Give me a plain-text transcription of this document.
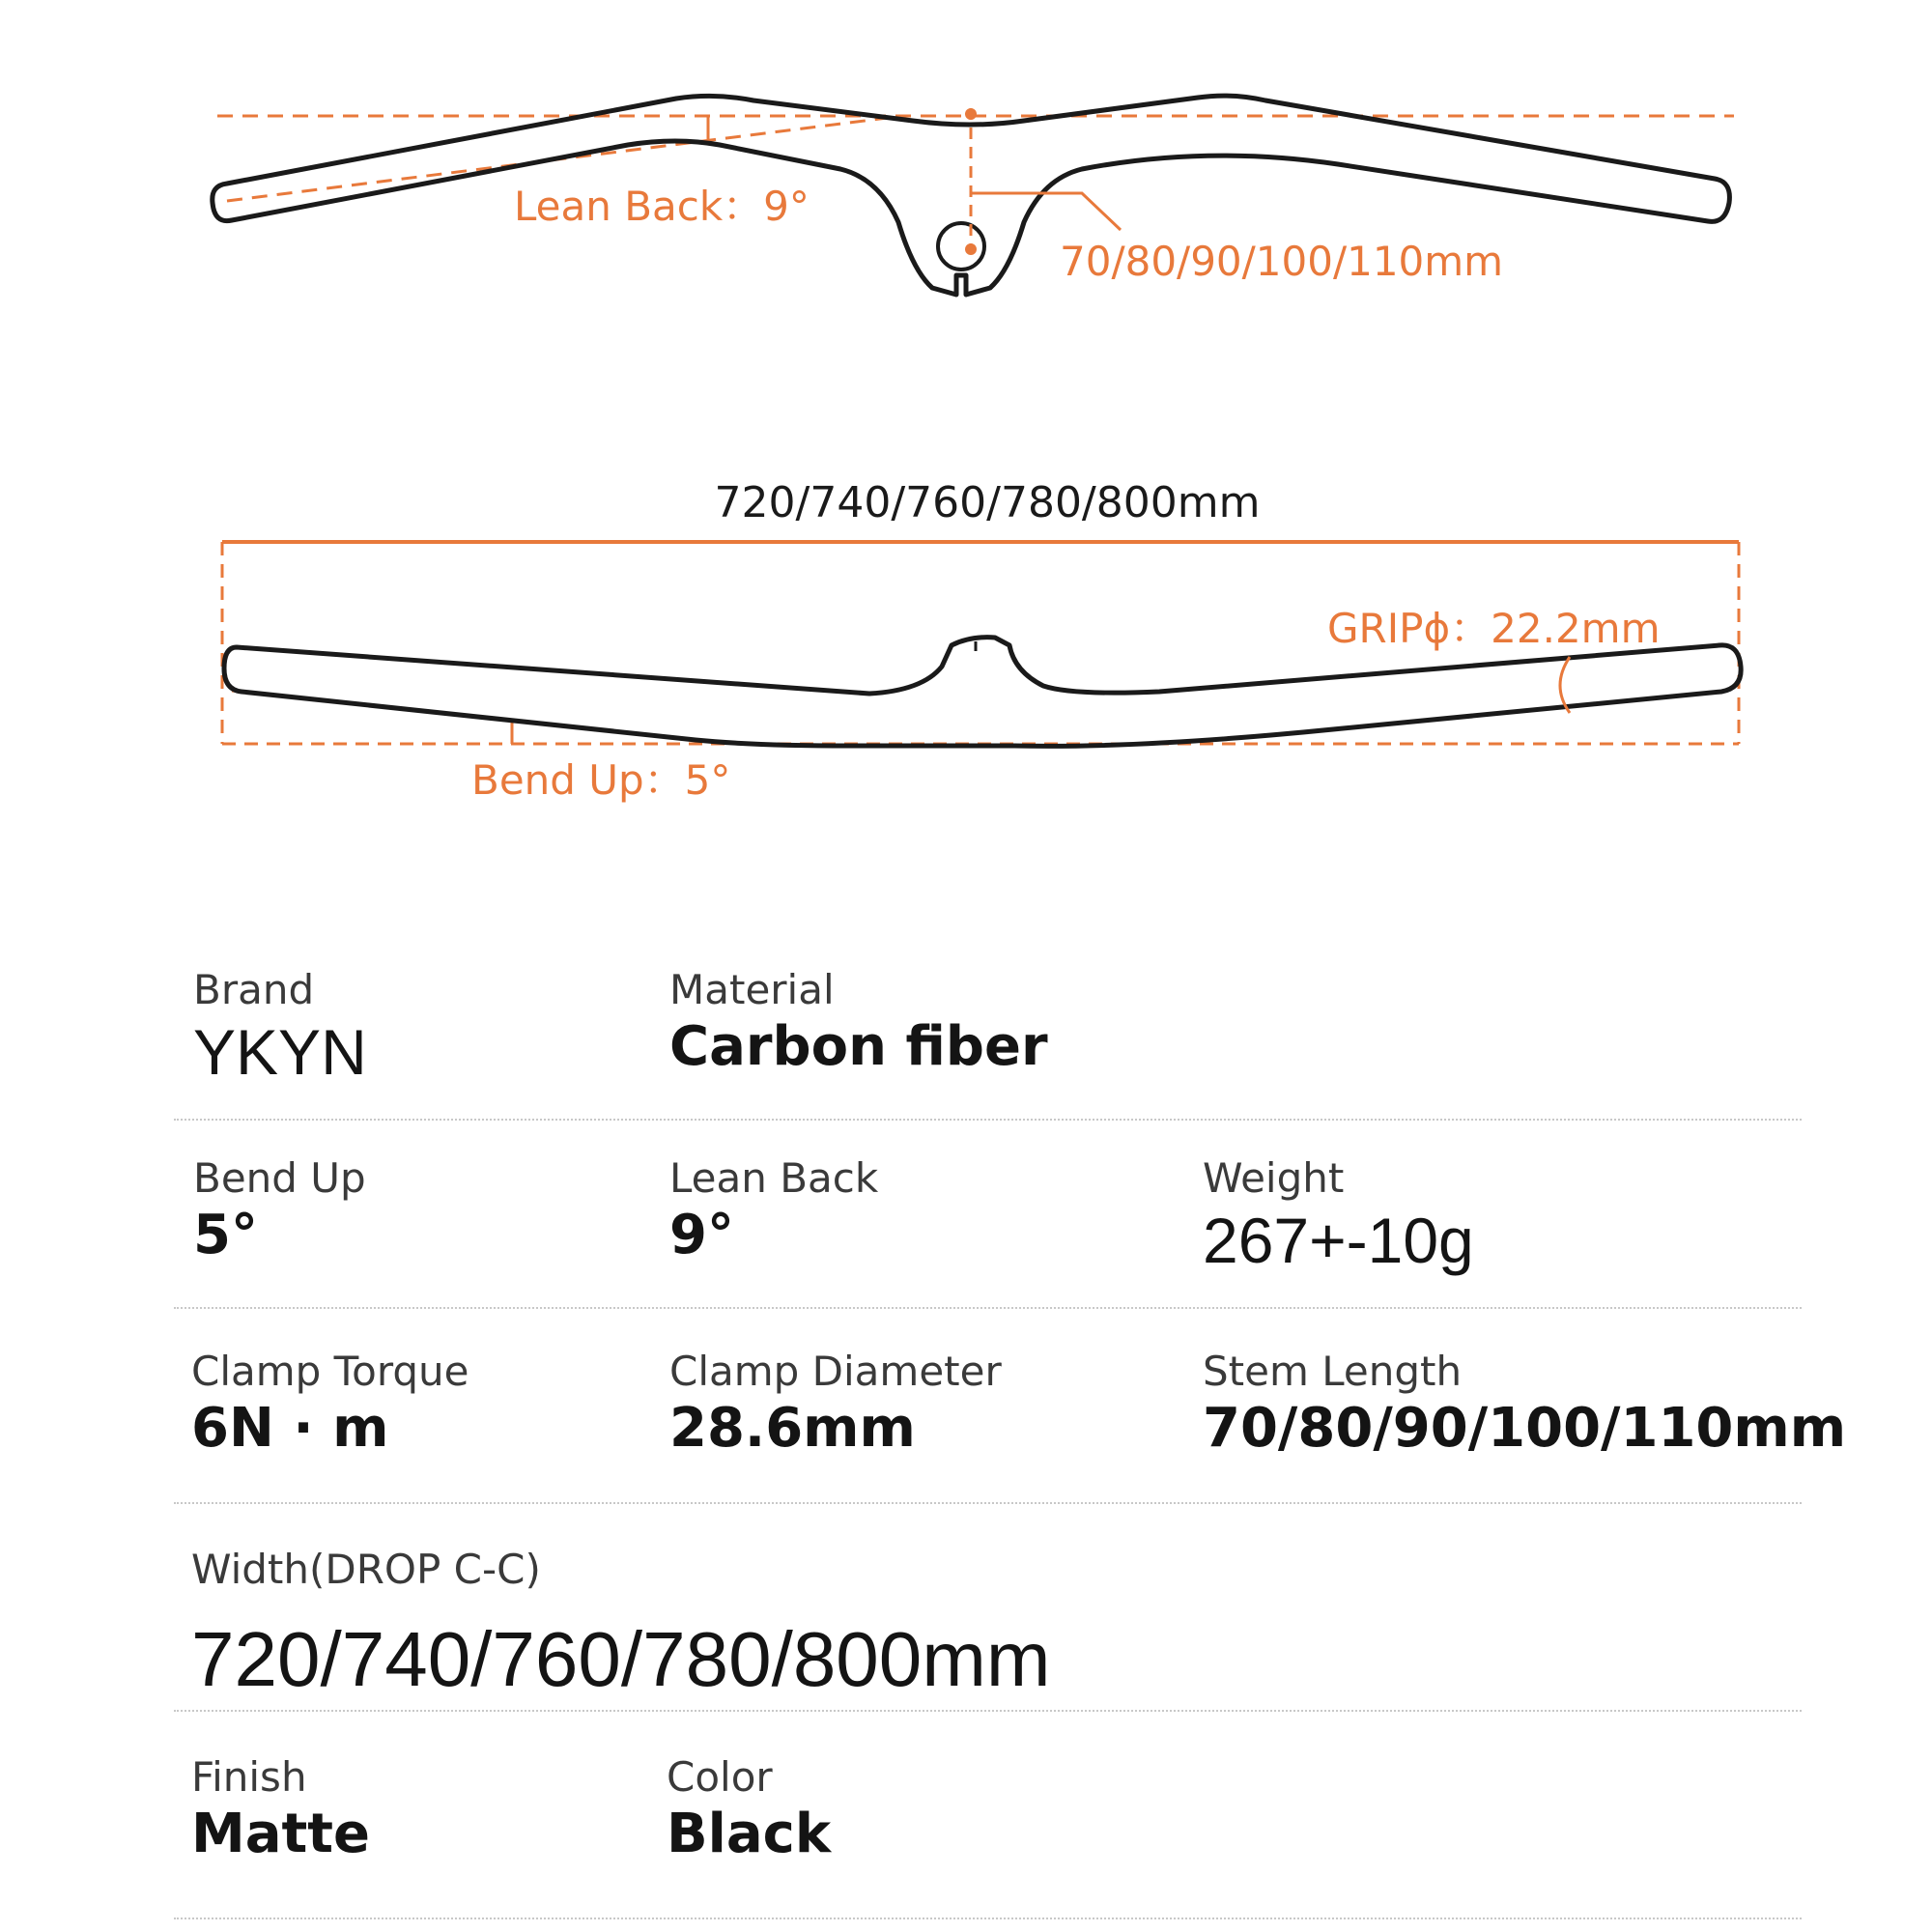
Lean Back：9°
70/80/90/100/110mm
720/740/760/780/800mm
GRIPϕ：22.2mm
Bend Up：5°
Brand
YKYN
Material
Carbon fiber
Bend Up
5°
Lean Back
9°
Weight
267+-10g
Clamp Torque
6N · m
Clamp Diameter
28.6mm
Stem Length
70/80/90/100/110mm
Width(DROP C-C)
720/740/760/780/800mm
Finish
Matte
Color
Black
